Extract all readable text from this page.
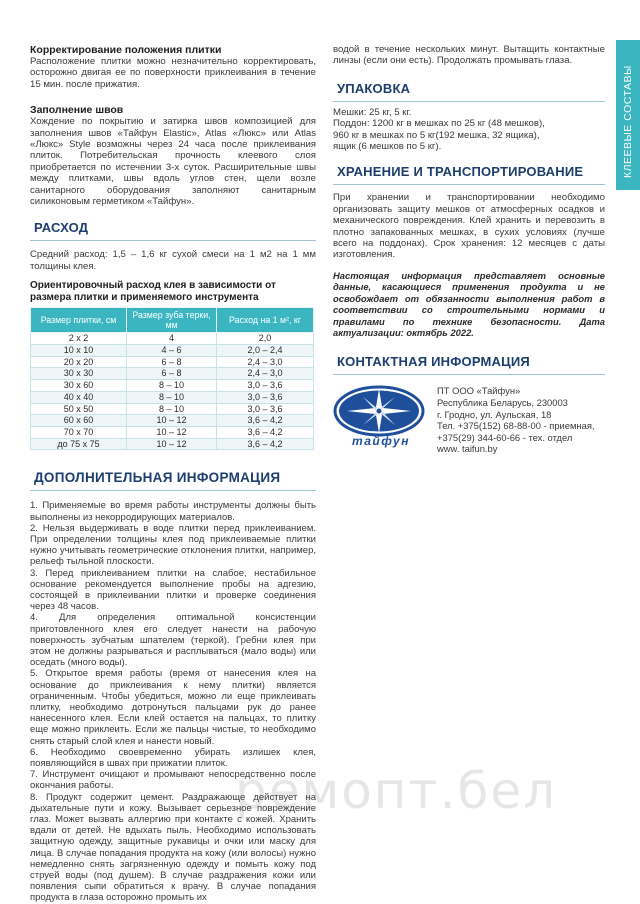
Корректирование положения плитки
Расположение плитки можно незначительно корректировать, осторожно двигая ее по поверхности приклеивания в течение 15 мин. после прижатия.
Заполнение швов
Хождение по покрытию и затирка швов композицией для заполнения швов «Тайфун Elastic», Atlas «Люкс» или Atlas «Люкс» Style возможны через 24 часа после приклеивания плиток. Потребительская прочность клеевого слоя приобретается по истечении 3-х суток. Расширительные швы между плитками, швы вдоль углов стен, щели возле санитарного оборудования заполняют санитарным силиконовым герметиком «Тайфун».
РАСХОД
Средний расход: 1,5 – 1,6 кг сухой смеси на 1 м2 на 1 мм толщины клея.
Ориентировочный расход клея в зависимости от размера плитки и применяемого инструмента
Размер плитки, см	Размер зуба терки, мм	Расход на 1 м², кг
2 x 2	4	2,0
10 x 10	4 – 6	2,0 – 2,4
20 x 20	6 – 8	2,4 – 3,0
30 x 30	6 – 8	2,4 – 3,0
30 x 60	8 – 10	3,0 – 3,6
40 x 40	8 – 10	3,0 – 3,6
50 x 50	8 – 10	3,0 – 3,6
60 x 60	10 – 12	3,6 – 4,2
70 x 70	10 – 12	3,6 – 4,2
до 75 x 75	10 – 12	3,6 – 4,2
ДОПОЛНИТЕЛЬНАЯ ИНФОРМАЦИЯ
1. Применяемые во время работы инструменты должны быть выполнены из некорродирующих материалов.
2. Нельзя выдерживать в воде плитки перед приклеиванием. При определении толщины клея под приклеиваемые плитки нужно учитывать геометрические отклонения плитки, например, рельеф тыльной плоскости.
3. Перед приклеиванием плитки на слабое, нестабильное основание рекомендуется выполнение пробы на адгезию, состоящей в приклеивании плитки и проверке соединения через 48 часов.
4. Для определения оптимальной консистенции приготовленного клея его следует нанести на рабочую поверхность зубчатым шпателем (теркой). Гребни клея при этом не должны разрываться и расплываться (мало воды) или оседать (много воды).
5. Открытое время работы (время от нанесения клея на основание до приклеивания к нему плитки) является ограниченным. Чтобы убедиться, можно ли еще приклеивать плитку, необходимо дотронуться пальцами рук до ранее нанесенного клея. Если клей остается на пальцах, то плитку еще можно приклеить. Если же пальцы чистые, то необходимо снять старый слой клея и нанести новый.
6. Необходимо своевременно убирать излишек клея, появляющийся в швах при прижатии плиток.
7. Инструмент очищают и промывают непосредственно после окончания работы.
8. Продукт содержит цемент. Раздражающе действует на дыхательные пути и кожу. Вызывает серьезное повреждение глаз. Может вызвать аллергию при контакте с кожей. Хранить вдали от детей. Не вдыхать пыль. Необходимо использовать защитную одежду, защитные рукавицы и очки или маску для лица. В случае попадания продукта на кожу (или волосы) нужно немедленно снять загрязненную одежду и помыть кожу под струей воды (под душем). В случае раздражения кожи или появления сыпи обратиться к врачу. В случае попадания продукта в глаза осторожно промыть их
водой в течение нескольких минут. Вытащить контактные линзы (если они есть). Продолжать промывать глаза.
УПАКОВКА
Мешки: 25 кг, 5 кг.
Поддон: 1200 кг в мешках по 25 кг (48 мешков),
960 кг в мешках по 5 кг(192 мешка, 32 ящика),
ящик (6 мешков по 5 кг).
ХРАНЕНИЕ И ТРАНСПОРТИРОВАНИЕ
При хранении и транспортировании необходимо организовать защиту мешков от атмосферных осадков и механического повреждения. Клей хранить и перевозить в плотно запакованных мешках, в сухих условиях (лучше всего на поддонах). Срок хранения: 12 месяцев с даты изготовления.
Настоящая информация представляет основные данные, касающиеся применения продукта и не освобождает от обязанности выполнения работ в соответствии со строительными нормами и правилами по технике безопасности. Дата актуализации: октябрь 2022.
КОНТАКТНАЯ ИНФОРМАЦИЯ
тайфун
ПТ ООО «Тайфун»
Республика Беларусь, 230003
г. Гродно, ул. Аульская, 18
Тел. +375(152) 68-88-00 - приемная,
+375(29) 344-60-66 - тех. отдел
www. taifun.by
КЛЕЕВЫЕ СОСТАВЫ
ремопт.бел
